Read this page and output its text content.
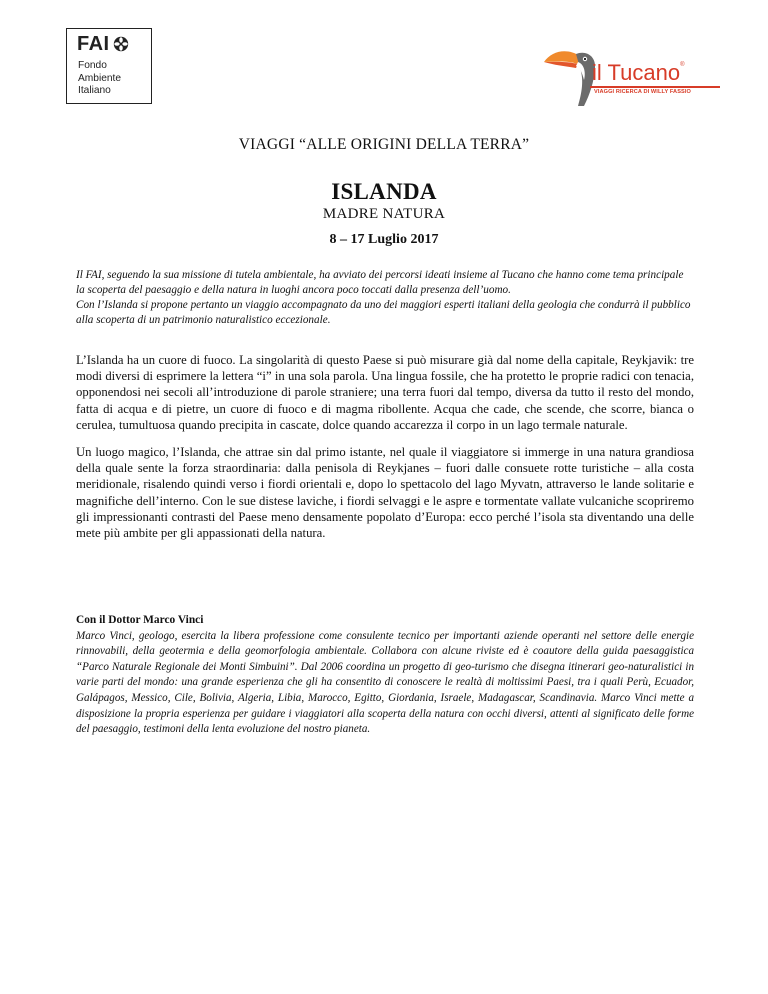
FAI
Fondo
Ambiente
Italiano
il Tucano®
VIAGGI RICERCA DI WILLY FASSIO
VIAGGI “ALLE ORIGINI DELLA TERRA”
ISLANDA
MADRE NATURA
8 – 17 Luglio 2017

Il FAI, seguendo la sua missione di tutela ambientale, ha avviato dei percorsi ideati insieme al Tucano che hanno come tema principale la scoperta del paesaggio e della natura in luoghi ancora poco toccati dalla presenza dell’uomo.

Con l’Islanda si propone pertanto un viaggio accompagnato da uno dei maggiori esperti italiani della geologia che condurrà il pubblico alla scoperta di un patrimonio naturalistico eccezionale.

L’Islanda ha un cuore di fuoco. La singolarità di questo Paese si può misurare già dal nome della capitale, Reykjavik: tre modi diversi di esprimere la lettera “i” in una sola parola. Una lingua fossile, che ha protetto le proprie radici con tenacia, opponendosi nei secoli all’introduzione di parole straniere; una terra fuori dal tempo, diversa da tutto il resto del mondo, fatta di acqua e di pietre, un cuore di fuoco e di magma ribollente. Acqua che cade, che scende, che scorre, bianca o cerulea, tumultuosa quando precipita in cascate, dolce quando accarezza il corpo in un lago termale naturale.

Un luogo magico, l’Islanda, che attrae sin dal primo istante, nel quale il viaggiatore si immerge in una natura grandiosa della quale sente la forza straordinaria: dalla penisola di Reykjanes – fuori dalle consuete rotte turistiche – alla costa meridionale, risalendo quindi verso i fiordi orientali e, dopo lo spettacolo del lago Myvatn, attraverso le lande solitarie e magnifiche dell’interno. Con le sue distese laviche, i fiordi selvaggi e le aspre e tormentate vallate vulcaniche scopriremo gli impressionanti contrasti del Paese meno densamente popolato d’Europa: ecco perché l’isola sta diventando una delle mete più ambite per gli appassionati della natura.

Con il Dottor Marco Vinci

Marco Vinci, geologo, esercita la libera professione come consulente tecnico per importanti aziende operanti nel settore delle energie rinnovabili, della geotermia e della geomorfologia ambientale. Collabora con alcune riviste ed è coautore della guida paesaggistica “Parco Naturale Regionale dei Monti Simbuini”. Dal 2006 coordina un progetto di geo-turismo che disegna itinerari geo-naturalistici in varie parti del mondo: una grande esperienza che gli ha consentito di conoscere le realtà di moltissimi Paesi, tra i quali Perù, Ecuador, Galápagos, Messico, Cile, Bolivia, Algeria, Libia, Marocco, Egitto, Giordania, Israele, Madagascar, Scandinavia. Marco Vinci mette a disposizione la propria esperienza per guidare i viaggiatori alla scoperta della natura con occhi diversi, attenti al significato delle forme del paesaggio, testimoni della lenta evoluzione del nostro pianeta.
